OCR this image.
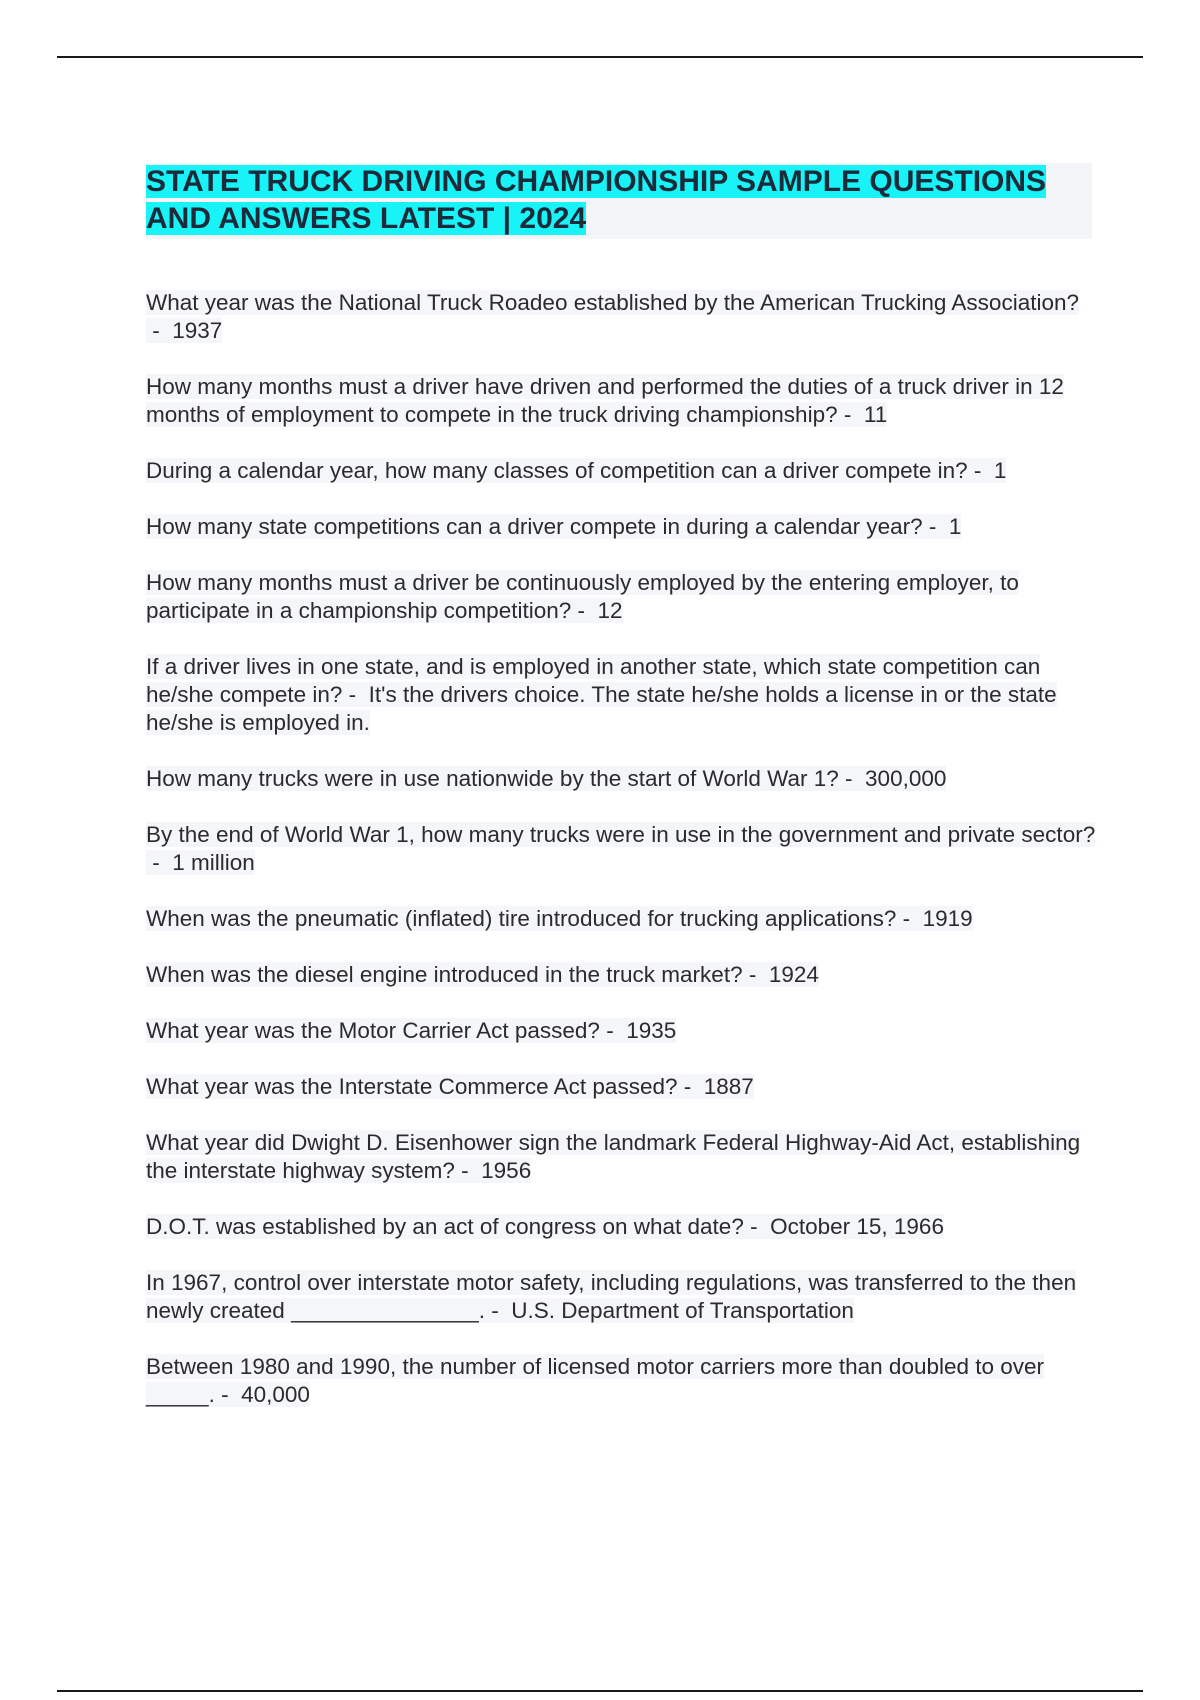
STATE TRUCK DRIVING CHAMPIONSHIP SAMPLE QUESTIONS AND ANSWERS LATEST | 2024
What year was the National Truck Roadeo established by the American Trucking Association? -  1937
How many months must a driver have driven and performed the duties of a truck driver in 12 months of employment to compete in the truck driving championship? -  11
During a calendar year, how many classes of competition can a driver compete in? -  1
How many state competitions can a driver compete in during a calendar year? -  1
How many months must a driver be continuously employed by the entering employer, to participate in a championship competition? -  12
If a driver lives in one state, and is employed in another state, which state competition can he/she compete in? -  It's the drivers choice. The state he/she holds a license in or the state he/she is employed in.
How many trucks were in use nationwide by the start of World War 1? -  300,000
By the end of World War 1, how many trucks were in use in the government and private sector? -  1 million
When was the pneumatic (inflated) tire introduced for trucking applications? -  1919
When was the diesel engine introduced in the truck market? -  1924
What year was the Motor Carrier Act passed? -  1935
What year was the Interstate Commerce Act passed? -  1887
What year did Dwight D. Eisenhower sign the landmark Federal Highway-Aid Act, establishing the interstate highway system? -  1956
D.O.T. was established by an act of congress on what date? -  October 15, 1966
In 1967, control over interstate motor safety, including regulations, was transferred to the then newly created _______________. -  U.S. Department of Transportation
Between 1980 and 1990, the number of licensed motor carriers more than doubled to over _____. -  40,000
